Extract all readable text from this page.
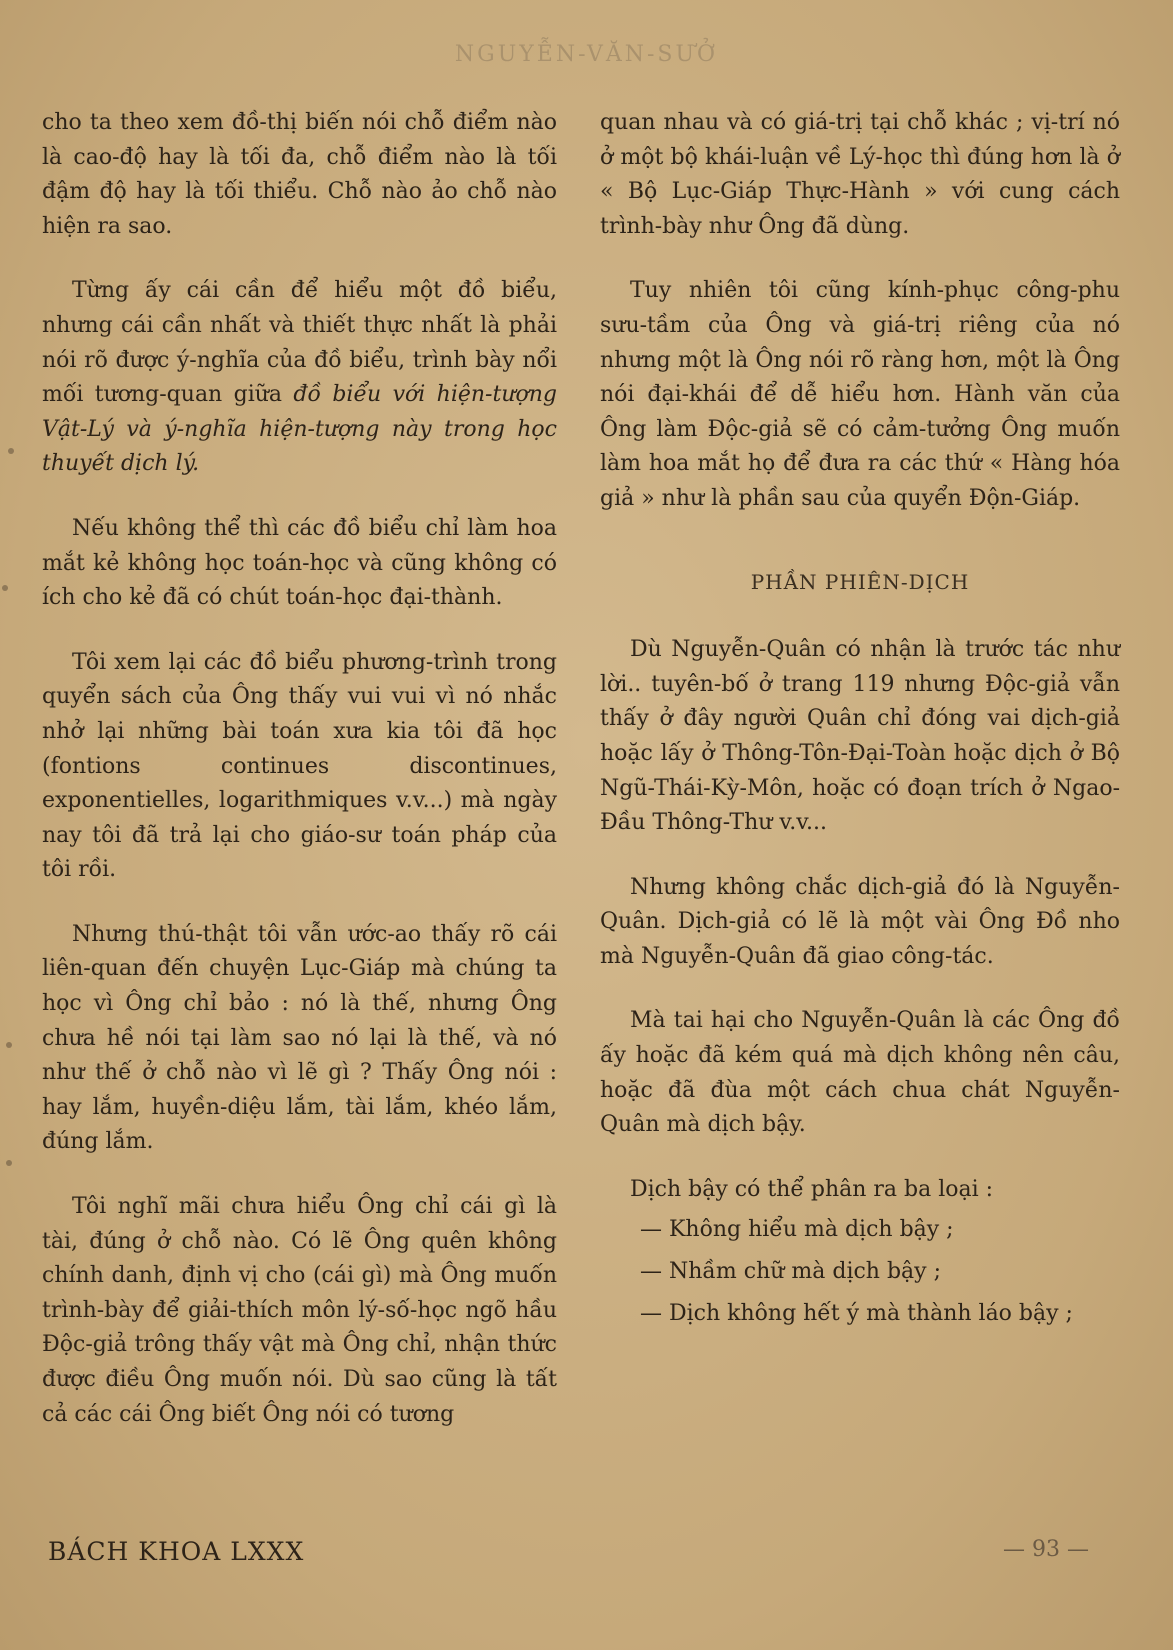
NGUYỄN-VĂN-SƯỞ

cho ta theo xem đồ-thị biến nói chỗ điểm nào là cao-độ hay là tối đa, chỗ điểm nào là tối đậm độ hay là tối thiểu. Chỗ nào ảo chỗ nào hiện ra sao.

Từng ấy cái cần để hiểu một đồ biểu, nhưng cái cần nhất và thiết thực nhất là phải nói rõ được ý-nghĩa của đồ biểu, trình bày nổi mối tương-quan giữa đồ biểu với hiện-tượng Vật-Lý và ý-nghĩa hiện-tượng này trong học thuyết dịch lý.

Nếu không thể thì các đồ biểu chỉ làm hoa mắt kẻ không học toán-học và cũng không có ích cho kẻ đã có chút toán-học đại-thành.

Tôi xem lại các đồ biểu phương-trình trong quyển sách của Ông thấy vui vui vì nó nhắc nhở lại những bài toán xưa kia tôi đã học (fontions continues discontinues, exponentielles, logarithmiques v.v...) mà ngày nay tôi đã trả lại cho giáo-sư toán pháp của tôi rồi.

Nhưng thú-thật tôi vẫn ước-ao thấy rõ cái liên-quan đến chuyện Lục-Giáp mà chúng ta học vì Ông chỉ bảo : nó là thế, nhưng Ông chưa hề nói tại làm sao nó lại là thế, và nó như thế ở chỗ nào vì lẽ gì ? Thấy Ông nói : hay lắm, huyền-diệu lắm, tài lắm, khéo lắm, đúng lắm.

Tôi nghĩ mãi chưa hiểu Ông chỉ cái gì là tài, đúng ở chỗ nào. Có lẽ Ông quên không chính danh, định vị cho (cái gì) mà Ông muốn trình-bày để giải-thích môn lý-số-học ngõ hầu Độc-giả trông thấy vật mà Ông chỉ, nhận thức được điều Ông muốn nói. Dù sao cũng là tất cả các cái Ông biết Ông nói có tương

quan nhau và có giá-trị tại chỗ khác ; vị-trí nó ở một bộ khái-luận về Lý-học thì đúng hơn là ở « Bộ Lục-Giáp Thực-Hành » với cung cách trình-bày như Ông đã dùng.

Tuy nhiên tôi cũng kính-phục công-phu sưu-tầm của Ông và giá-trị riêng của nó nhưng một là Ông nói rõ ràng hơn, một là Ông nói đại-khái để dễ hiểu hơn. Hành văn của Ông làm Độc-giả sẽ có cảm-tưởng Ông muốn làm hoa mắt họ để đưa ra các thứ « Hàng hóa giả » như là phần sau của quyển Độn-Giáp.

PHẦN PHIÊN-DỊCH

Dù Nguyễn-Quân có nhận là trước tác như lời.. tuyên-bố ở trang 119 nhưng Độc-giả vẫn thấy ở đây người Quân chỉ đóng vai dịch-giả hoặc lấy ở Thông-Tôn-Đại-Toàn hoặc dịch ở Bộ Ngũ-Thái-Kỳ-Môn, hoặc có đoạn trích ở Ngao-Đầu Thông-Thư v.v...

Nhưng không chắc dịch-giả đó là Nguyễn-Quân. Dịch-giả có lẽ là một vài Ông Đồ nho mà Nguyễn-Quân đã giao công-tác.

Mà tai hại cho Nguyễn-Quân là các Ông đồ ấy hoặc đã kém quá mà dịch không nên câu, hoặc đã đùa một cách chua chát Nguyễn-Quân mà dịch bậy.

Dịch bậy có thể phân ra ba loại :

— Không hiểu mà dịch bậy ;
— Nhầm chữ mà dịch bậy ;
— Dịch không hết ý mà thành láo bậy ;
BÁCH KHOA LXXX	— 93 —
